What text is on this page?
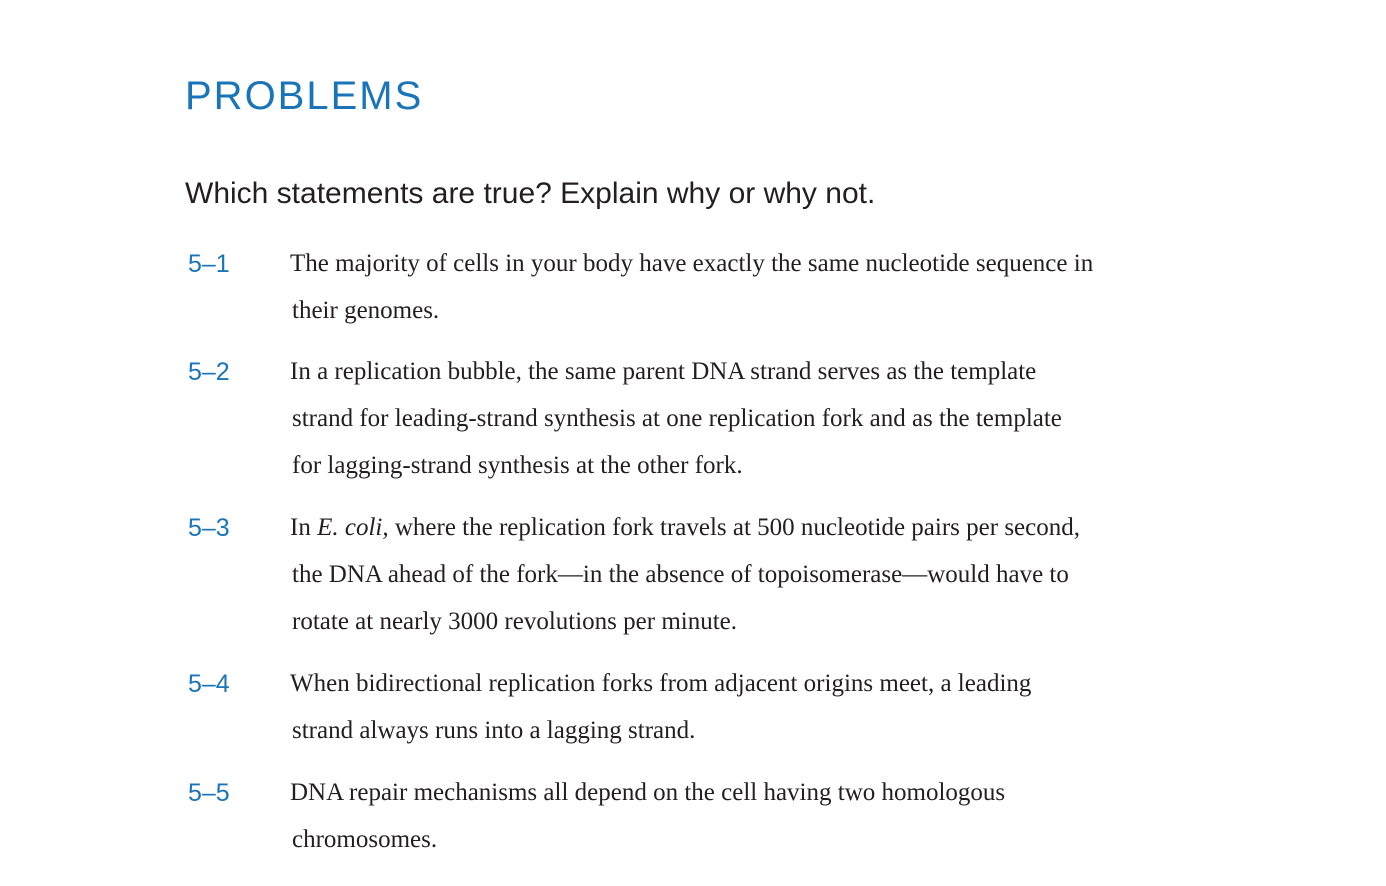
PROBLEMS
Which statements are true? Explain why or why not.
5–1 The majority of cells in your body have exactly the same nucleotide sequence in
their genomes.
5–2 In a replication bubble, the same parent DNA strand serves as the template
strand for leading-strand synthesis at one replication fork and as the template
for lagging-strand synthesis at the other fork.
5–3 In E. coli, where the replication fork travels at 500 nucleotide pairs per second,
the DNA ahead of the fork—in the absence of topoisomerase—would have to
rotate at nearly 3000 revolutions per minute.
5–4 When bidirectional replication forks from adjacent origins meet, a leading
strand always runs into a lagging strand.
5–5 DNA repair mechanisms all depend on the cell having two homologous
chromosomes.
